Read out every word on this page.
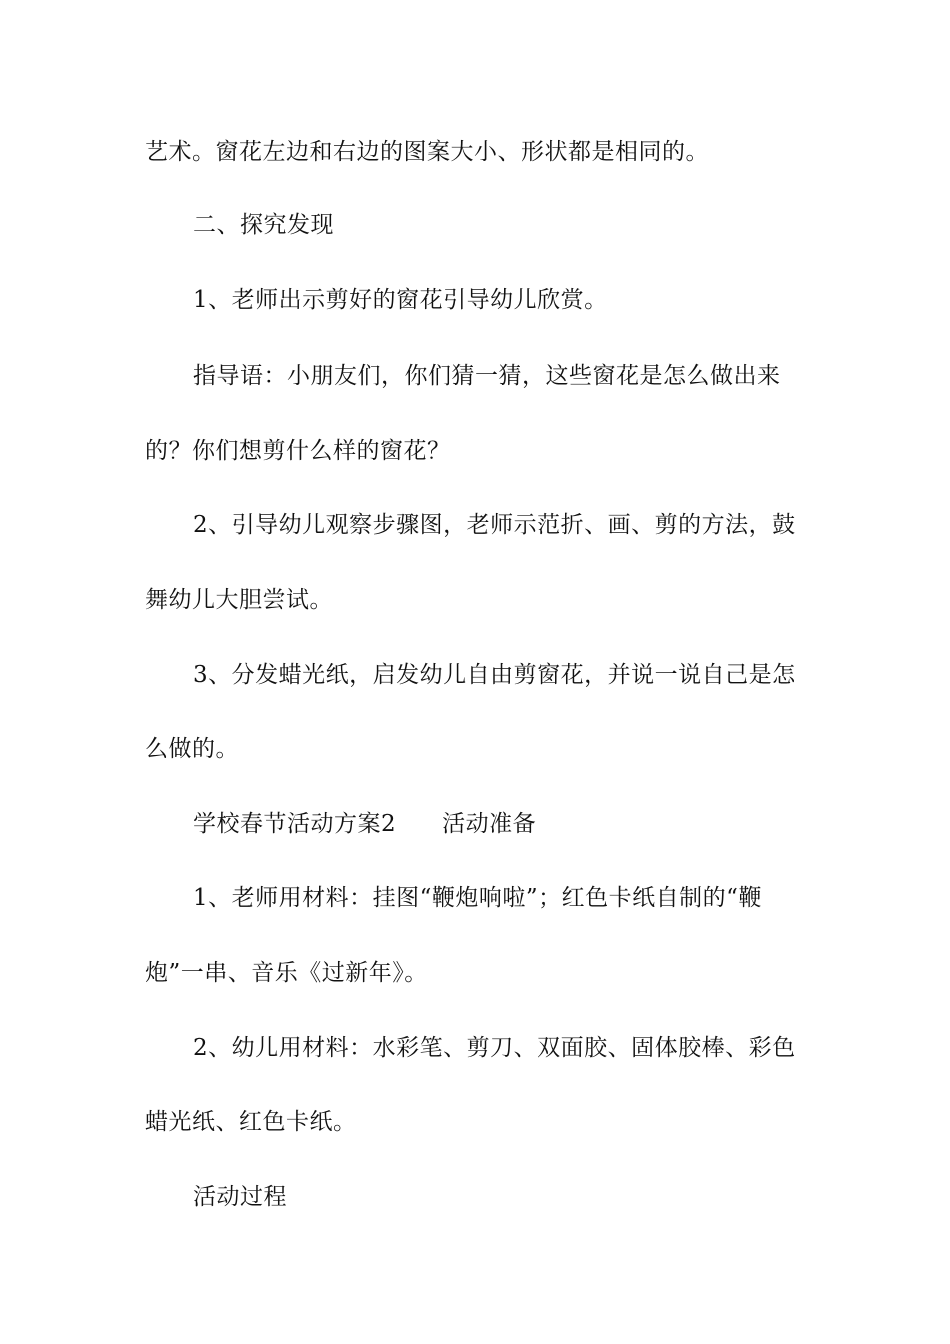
艺术。窗花左边和右边的图案大小、形状都是相同的。
二、探究发现
1、老师出示剪好的窗花引导幼儿欣赏。
指导语：小朋友们，你们猜一猜，这些窗花是怎么做出来
的？你们想剪什么样的窗花？
2、引导幼儿观察步骤图，老师示范折、画、剪的方法，鼓
舞幼儿大胆尝试。
3、分发蜡光纸，启发幼儿自由剪窗花，并说一说自己是怎
么做的。
学校春节活动方案2 活动准备
1、老师用材料：挂图“鞭炮响啦”；红色卡纸自制的“鞭
炮”一串、音乐《过新年》。
2、幼儿用材料：水彩笔、剪刀、双面胶、固体胶棒、彩色
蜡光纸、红色卡纸。
活动过程
